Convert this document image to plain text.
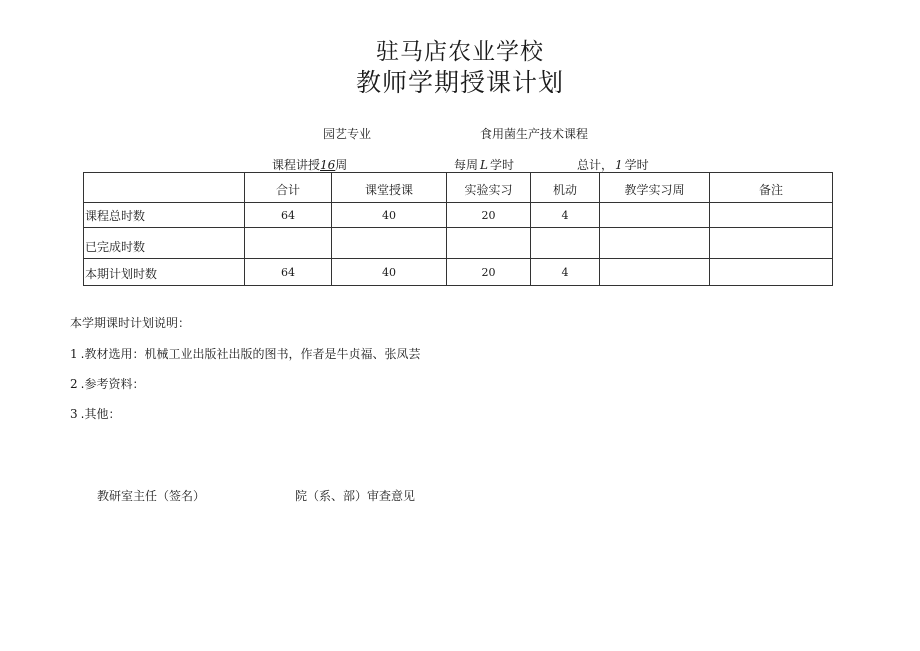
驻马店农业学校
教师学期授课计划
园艺专业	食用菌生产技术课程
课程讲授16周	每周 L 学时	总计， 1 学时
	合计	课堂授课	实验实习	机动	教学实习周	备注
课程总时数	64	40	20	4		
已完成时数						
本期计划时数	64	40	20	4		
本学期课时计划说明：
1 .教材选用：机械工业出版社出版的图书，作者是牛贞福、张凤芸
2 .参考资料：
3 .其他：
教研室主任（签名）	院（系、部）审查意见
